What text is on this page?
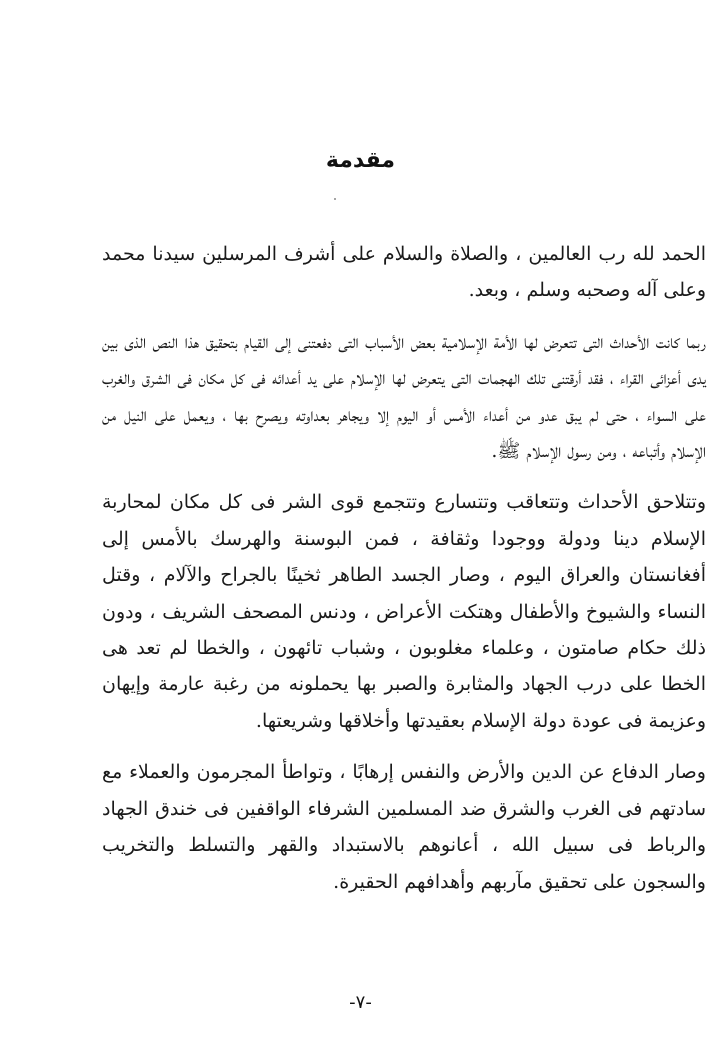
مقدمة

الحمد لله رب العالمين ، والصلاة والسلام على أشرف المرسلين سيدنا محمد وعلى آله وصحبه وسلم ، وبعد.

ربما كانت الأحداث التى تتعرض لها الأمة الإسلامية بعض الأسباب التى دفعتنى إلى القيام بتحقيق هذا النص الذى بين يدى أعزائى القراء ، فقد أرقتنى تلك الهجمات التى يتعرض لها الإسلام على يد أعدائه فى كل مكان فى الشرق والغرب على السواء ، حتى لم يبق عدو من أعداء الأمس أو اليوم إلا ويجاهر بعداوته ويصرح بها ، ويعمل على النيل من الإسلام وأتباعه ، ومن رسول الإسلام ﷺ.

وتتلاحق الأحداث وتتعاقب وتتسارع وتتجمع قوى الشر فى كل مكان لمحاربة الإسلام دينا ودولة ووجودا وثقافة ، فمن البوسنة والهرسك بالأمس إلى أفغانستان والعراق اليوم ، وصار الجسد الطاهر ثخينًا بالجراح والآلام ، وقتل النساء والشيوخ والأطفال وهتكت الأعراض ، ودنس المصحف الشريف ، ودون ذلك حكام صامتون ، وعلماء مغلوبون ، وشباب تائهون ، والخطا لم تعد هى الخطا على درب الجهاد والمثابرة والصبر بها يحملونه من رغبة عارمة وإيهان وعزيمة فى عودة دولة الإسلام بعقيدتها وأخلاقها وشريعتها.

وصار الدفاع عن الدين والأرض والنفس إرهابًا ، وتواطأ المجرمون والعملاء مع سادتهم فى الغرب والشرق ضد المسلمين الشرفاء الواقفين فى خندق الجهاد والرباط فى سبيل الله ، أعانوهم بالاستبداد والقهر والتسلط والتخريب والسجون على تحقيق مآربهم وأهدافهم الحقيرة.

-٧-
